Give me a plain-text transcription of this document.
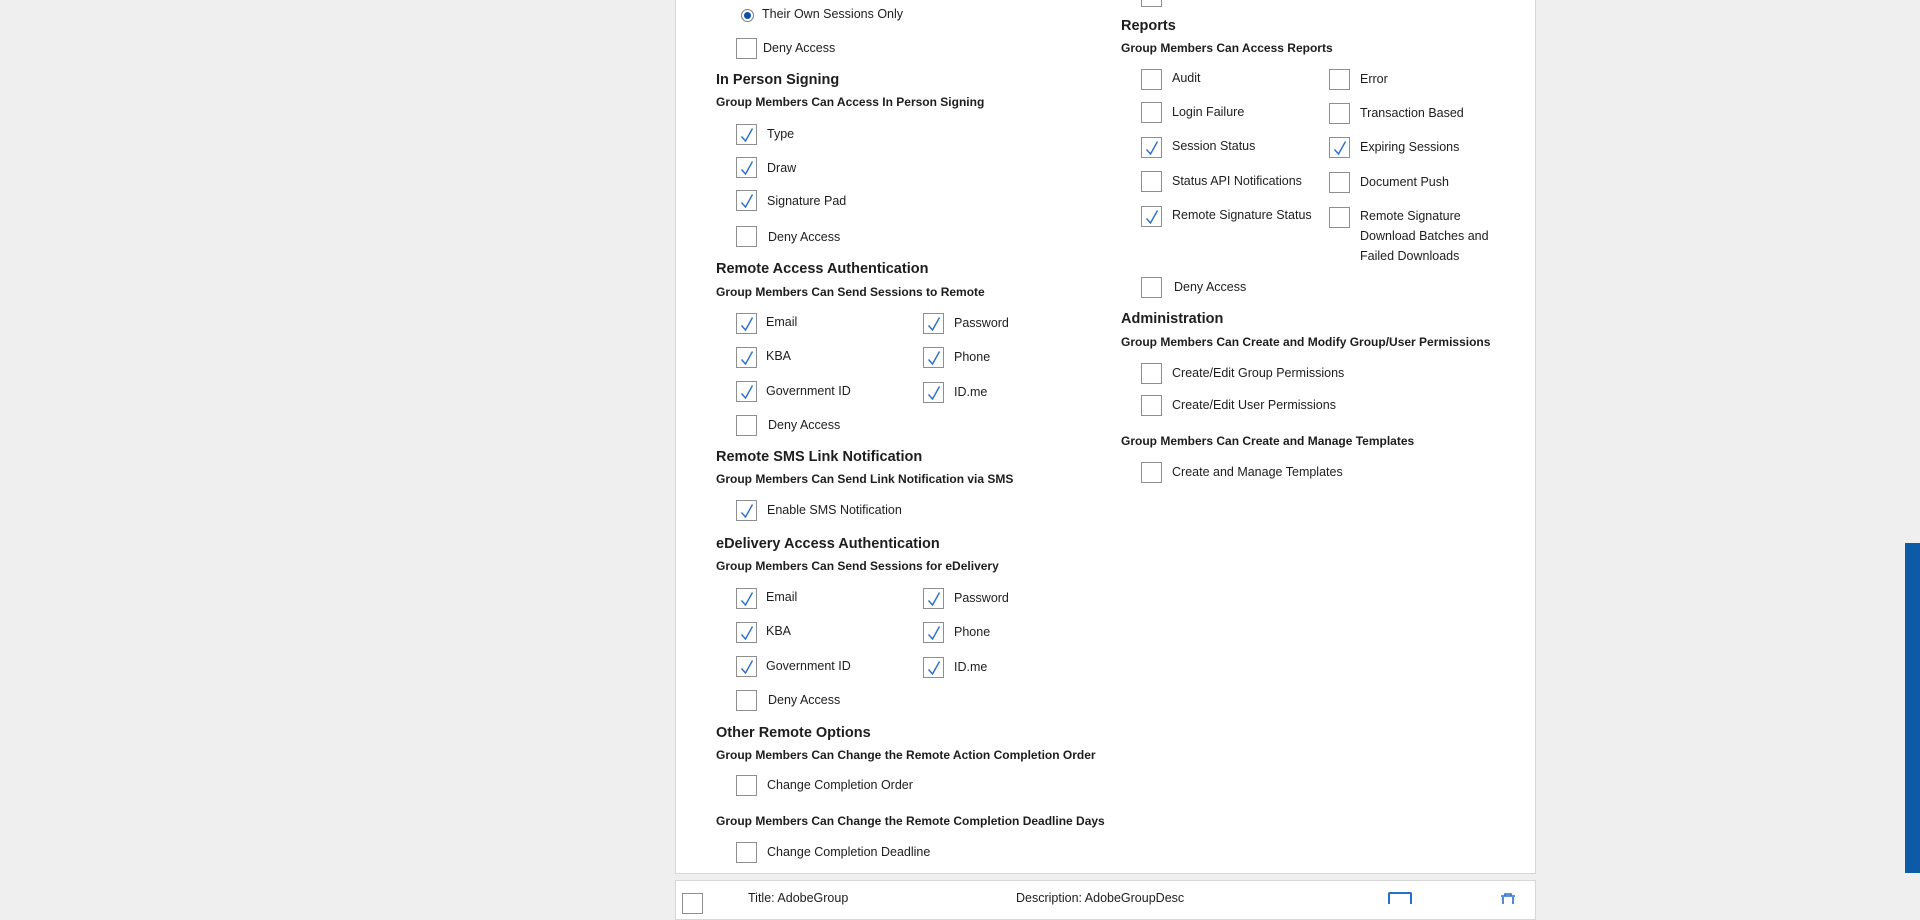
Their Own Sessions Only
Deny Access
In Person Signing
Group Members Can Access In Person Signing
Type
Draw
Signature Pad
Deny Access
Remote Access Authentication
Group Members Can Send Sessions to Remote
Email
KBA
Government ID
Password
Phone
ID.me
Deny Access
Remote SMS Link Notification
Group Members Can Send Link Notification via SMS
Enable SMS Notification
eDelivery Access Authentication
Group Members Can Send Sessions for eDelivery
Email
KBA
Government ID
Password
Phone
ID.me
Deny Access
Other Remote Options
Group Members Can Change the Remote Action Completion Order
Change Completion Order
Group Members Can Change the Remote Completion Deadline Days
Change Completion Deadline
Reports
Group Members Can Access Reports
Audit
Login Failure
Session Status
Status API Notifications
Remote Signature Status
Error
Transaction Based
Expiring Sessions
Document Push
Remote Signature Download Batches and Failed Downloads
Deny Access
Administration
Group Members Can Create and Modify Group/User Permissions
Create/Edit Group Permissions
Create/Edit User Permissions
Group Members Can Create and Manage Templates
Create and Manage Templates
Title: AdobeGroup	Description: AdobeGroupDesc
